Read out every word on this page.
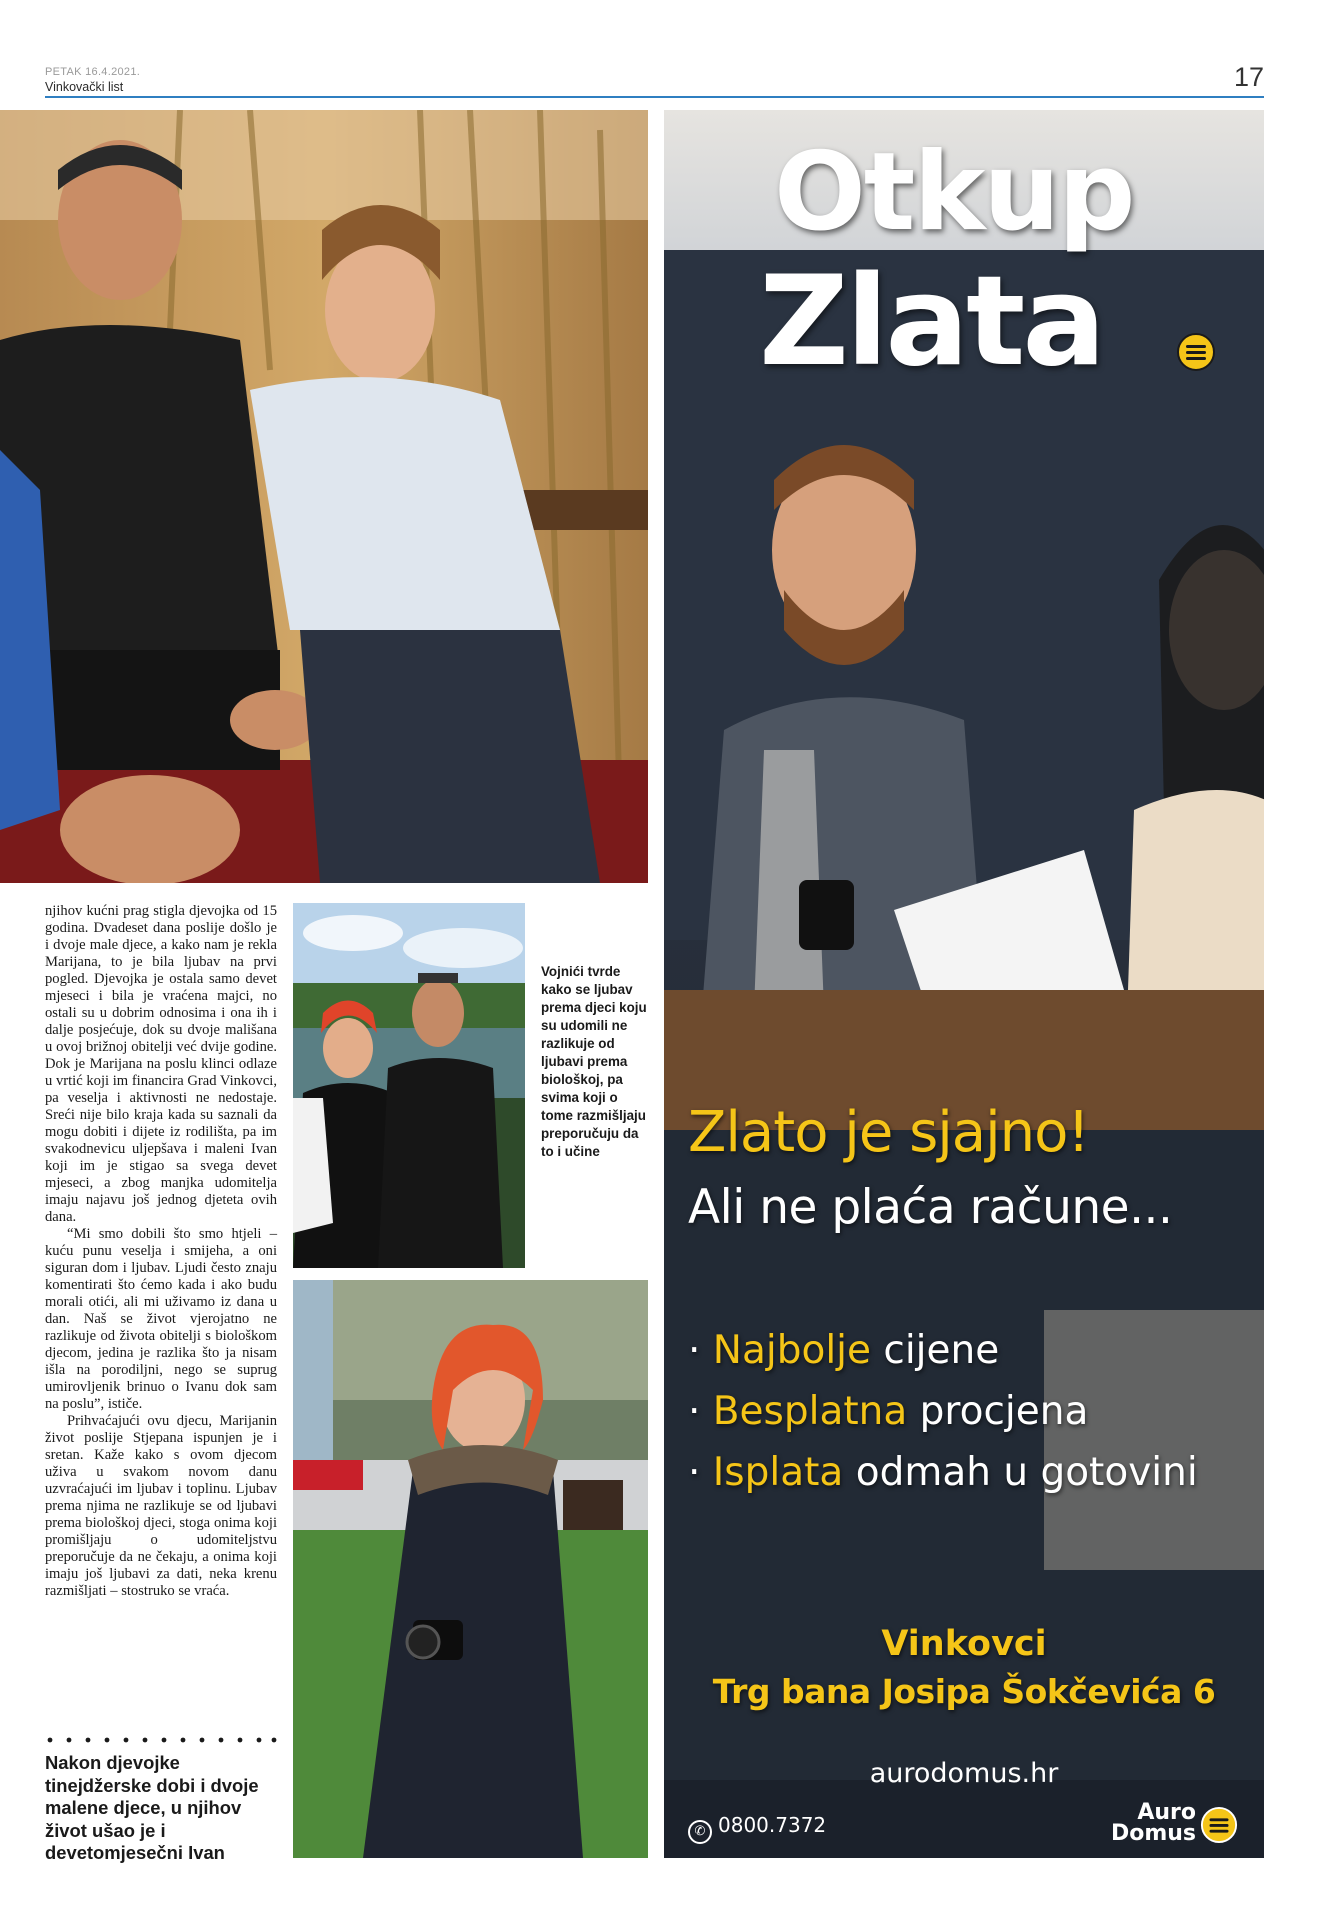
PETAK 16.4.2021.
Vinkovački list	17

njihov kućni prag stigla djevojka od 15 godina. Dvadeset dana poslije došlo je i dvoje male djece, a kako nam je rekla Marijana, to je bila ljubav na prvi pogled. Djevojka je ostala samo devet mjeseci i bila je vraćena majci, no ostali su u dobrim odnosima i ona ih i dalje posjećuje, dok su dvoje mališana u ovoj brižnoj obitelji već dvije godine. Dok je Marijana na poslu klinci odlaze u vrtić koji im financira Grad Vinkovci, pa veselja i aktivnosti ne nedostaje. Sreći nije bilo kraja kada su saznali da mogu dobiti i dijete iz rodilišta, pa im svakodnevicu uljepšava i maleni Ivan koji im je stigao sa svega devet mjeseci, a zbog manjka udomitelja imaju najavu još jednog djeteta ovih dana.

“Mi smo dobili što smo htjeli – kuću punu veselja i smijeha, a oni siguran dom i ljubav. Ljudi često znaju komentirati što ćemo kada i ako budu morali otići, ali mi uživamo iz dana u dan. Naš se život vjerojatno ne razlikuje od života obitelji s biološkom djecom, jedina je razlika što ja nisam išla na porodiljni, nego se suprug umirovljenik brinuo o Ivanu dok sam na poslu”, ističe.

Prihvaćajući ovu djecu, Marijanin život poslije Stjepana ispunjen je i sretan. Kaže kako s ovom djecom uživa u svakom novom danu uzvraćajući im ljubav i toplinu. Ljubav prema njima ne razlikuje se od ljubavi prema biološkoj djeci, stoga onima koji promišljaju o udomiteljstvu preporučuje da ne čekaju, a onima koji imaju još ljubavi za dati, neka krenu razmišljati – stostruko se vraća.

Nakon djevojke tinejdžerske dobi i dvoje malene djece, u njihov život ušao je i devetomjesečni Ivan
Vojnići tvrde kako se ljubav prema djeci koju su udomili ne razlikuje od ljubavi prema biološkoj, pa svima koji o tome razmišljaju preporučuju da to i učine
Otkup
Zlata
Zlato je sjajno!
Ali ne plaća račune...
· Najbolje cijene
· Besplatna procjena
· Isplata odmah u gotovini
Vinkovci
Trg bana Josipa Šokčevića 6
aurodomus.hr
✆ 0800.7372	Auro
Domus
